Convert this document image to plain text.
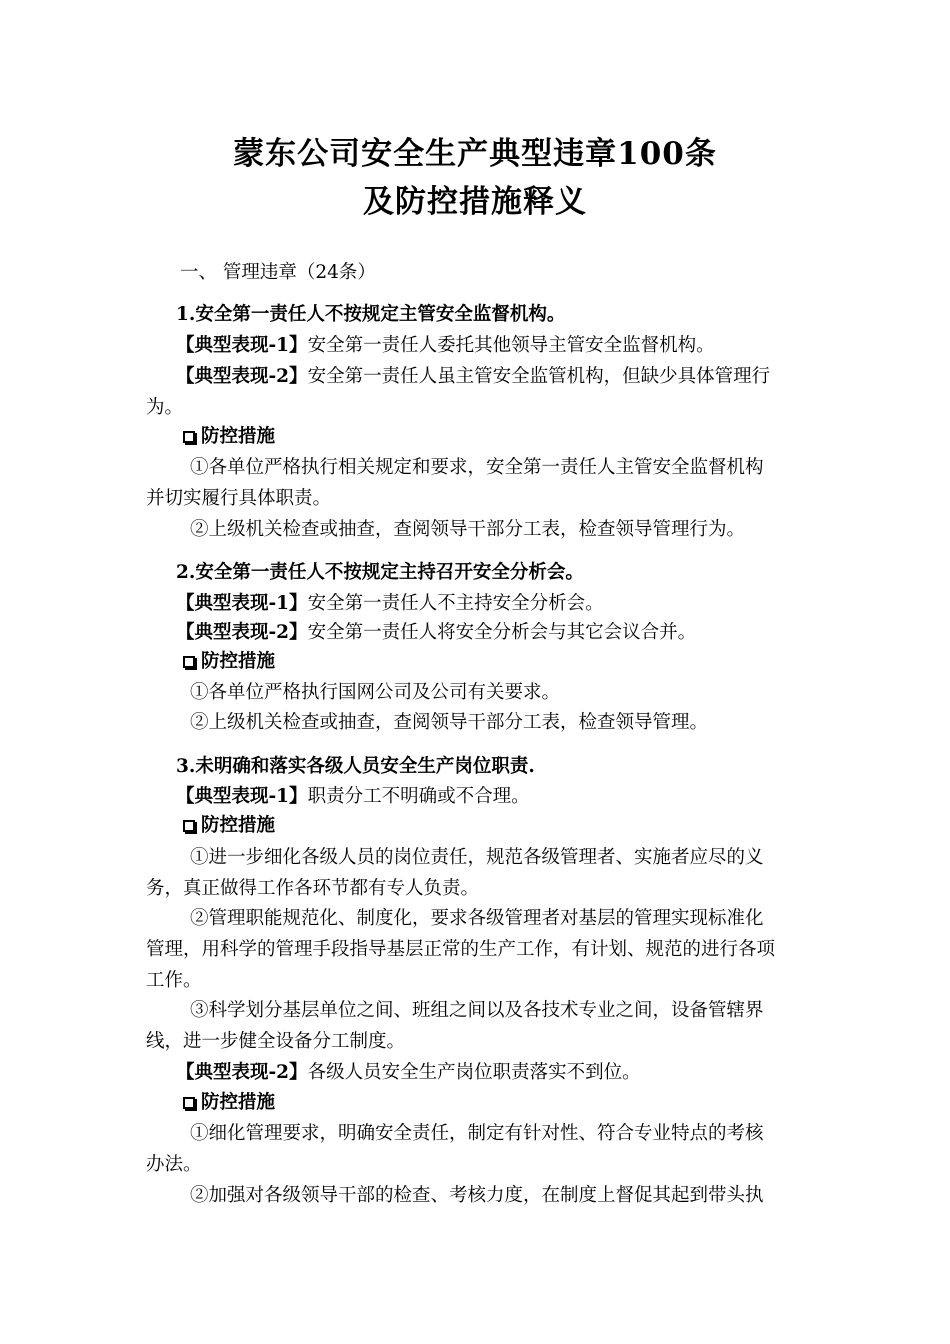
蒙东公司安全生产典型违章100条
及防控措施释义
一、 管理违章（24条）
1.安全第一责任人不按规定主管安全监督机构。
【典型表现-1】安全第一责任人委托其他领导主管安全监督机构。
【典型表现-2】安全第一责任人虽主管安全监管机构，但缺少具体管理行
为。
防控措施
①各单位严格执行相关规定和要求，安全第一责任人主管安全监督机构
并切实履行具体职责。
②上级机关检查或抽查，查阅领导干部分工表，检查领导管理行为。
2.安全第一责任人不按规定主持召开安全分析会。
【典型表现-1】安全第一责任人不主持安全分析会。
【典型表现-2】安全第一责任人将安全分析会与其它会议合并。
防控措施
①各单位严格执行国网公司及公司有关要求。
②上级机关检查或抽查，查阅领导干部分工表，检查领导管理。
3.未明确和落实各级人员安全生产岗位职责.
【典型表现-1】职责分工不明确或不合理。
防控措施
①进一步细化各级人员的岗位责任，规范各级管理者、实施者应尽的义
务，真正做得工作各环节都有专人负责。
②管理职能规范化、制度化，要求各级管理者对基层的管理实现标准化
管理，用科学的管理手段指导基层正常的生产工作，有计划、规范的进行各项
工作。
③科学划分基层单位之间、班组之间以及各技术专业之间，设备管辖界
线，进一步健全设备分工制度。
【典型表现-2】各级人员安全生产岗位职责落实不到位。
防控措施
①细化管理要求，明确安全责任，制定有针对性、符合专业特点的考核
办法。
②加强对各级领导干部的检查、考核力度，在制度上督促其起到带头执
